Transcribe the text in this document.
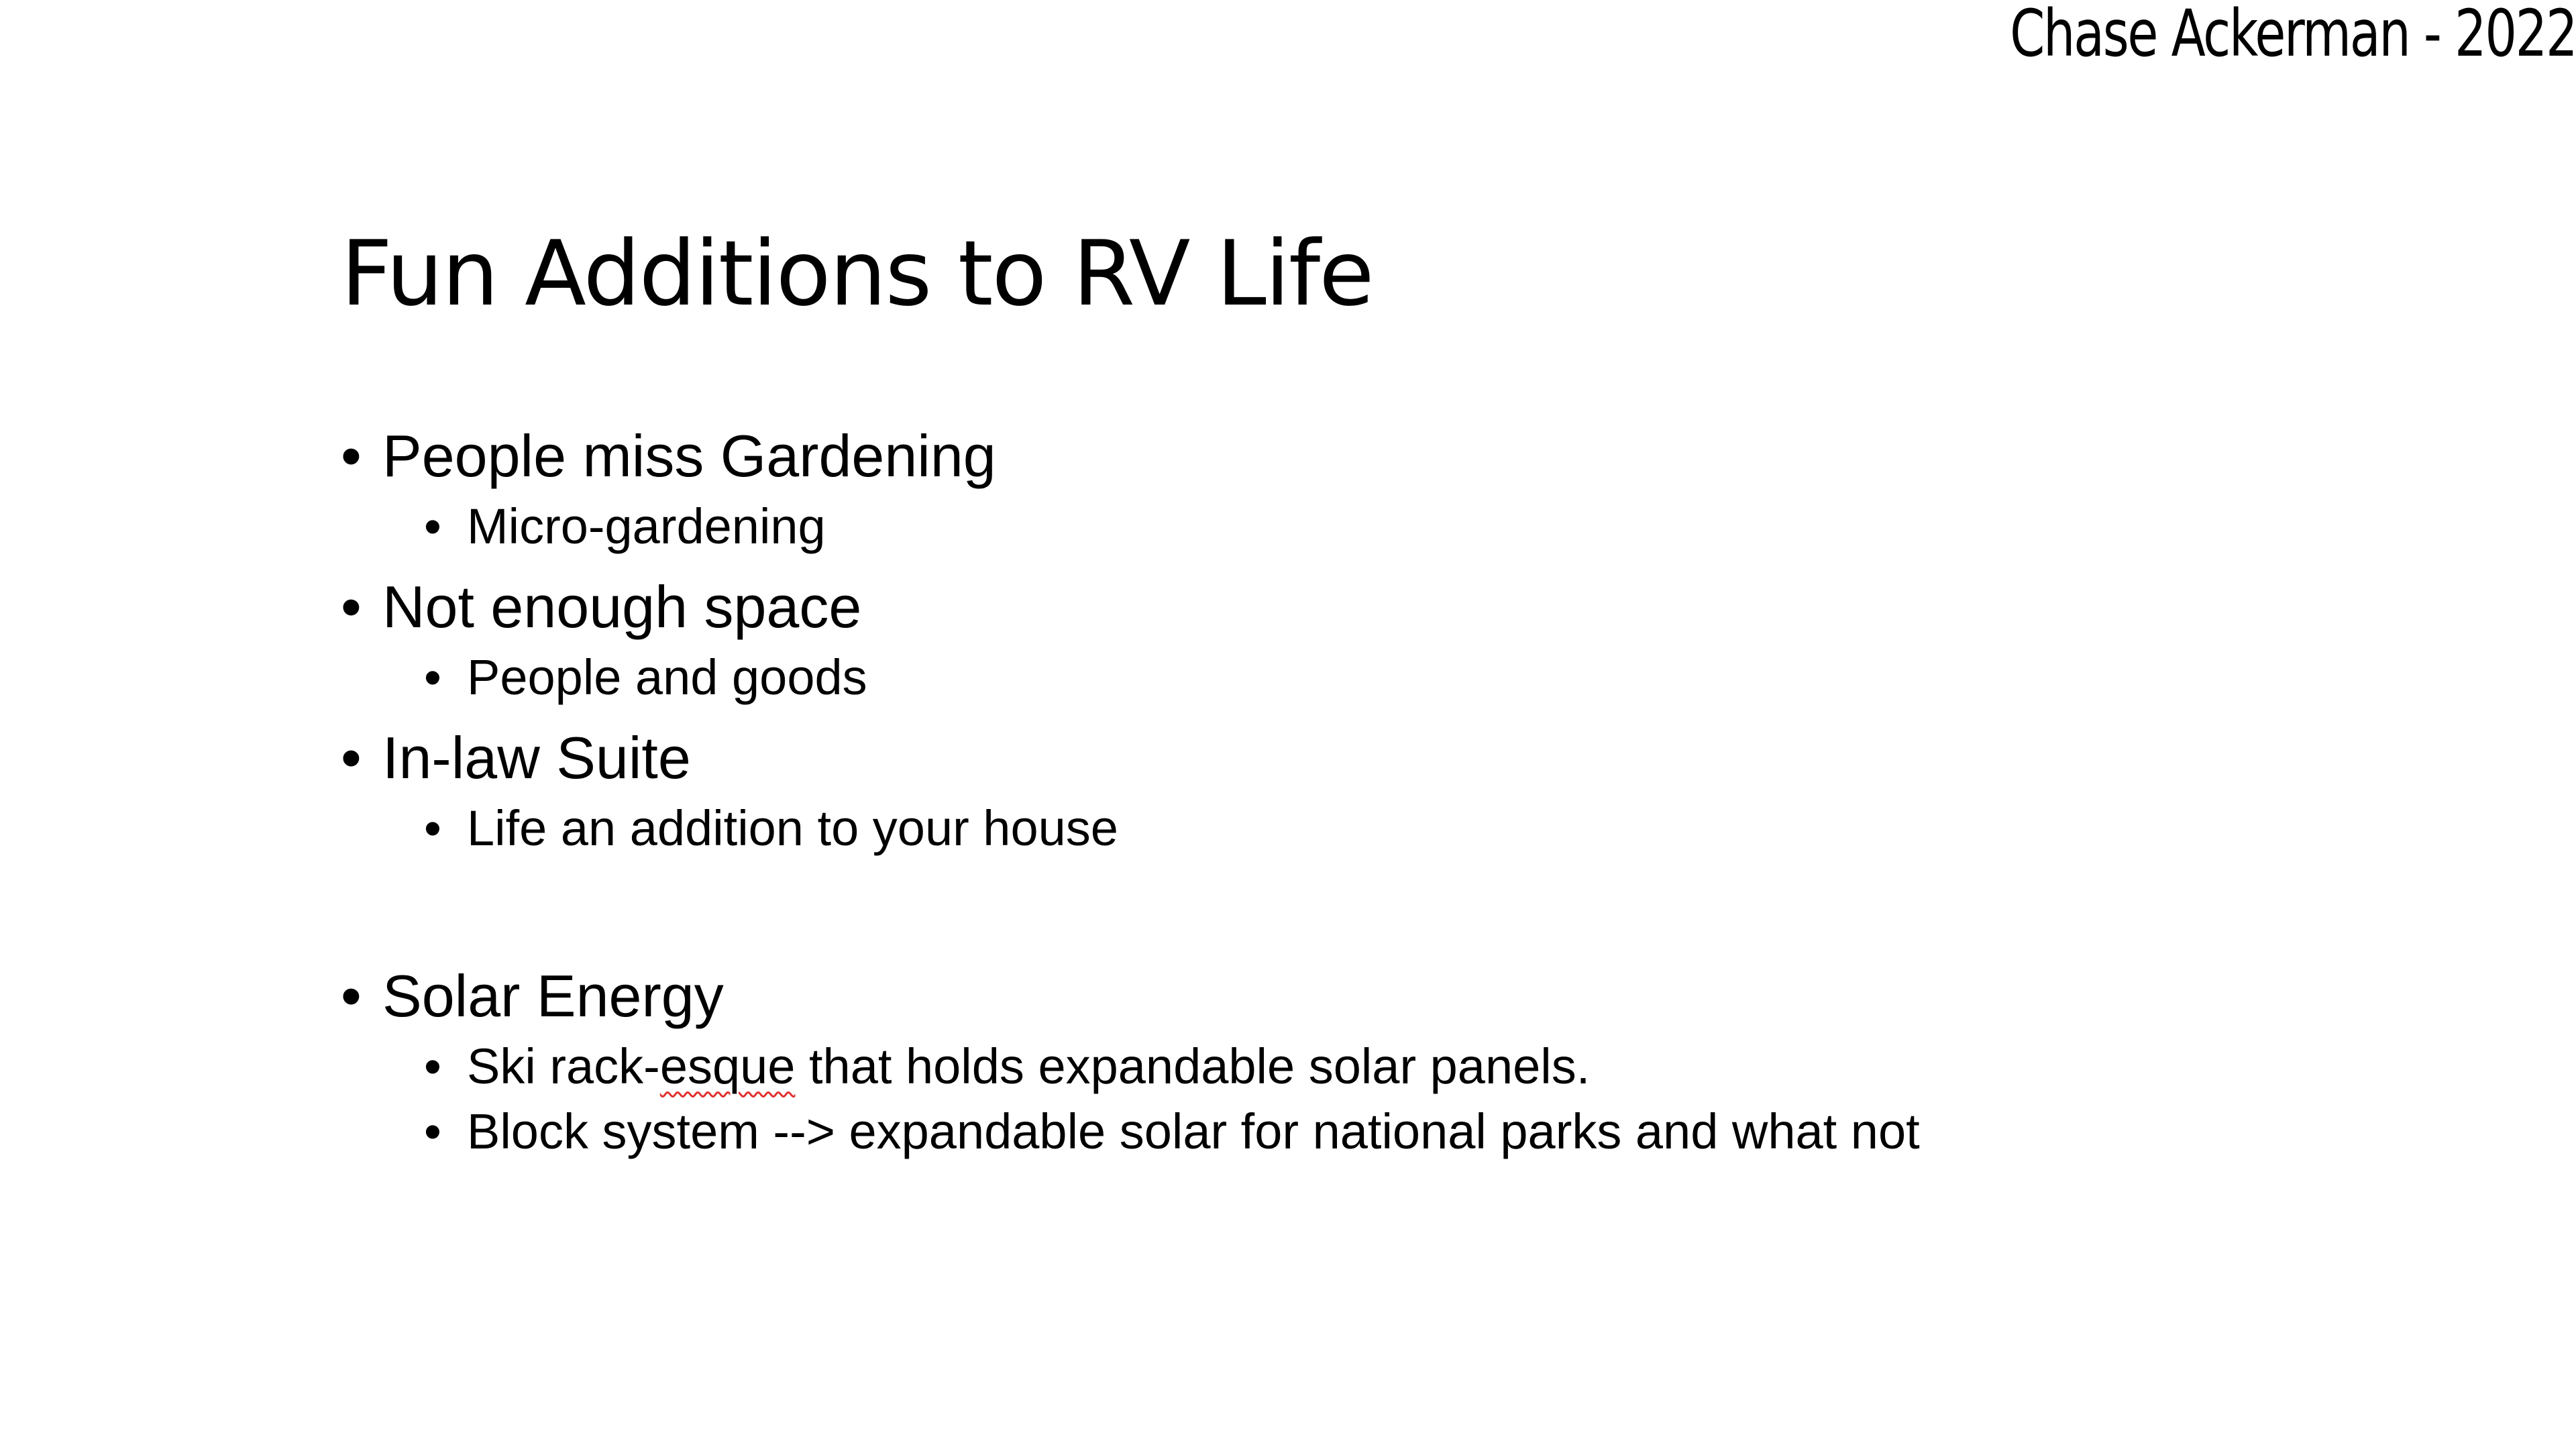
Chase Ackerman - 2022
Fun Additions to RV Life
• People miss Gardening
• Micro-gardening
• Not enough space
• People and goods
• In-law Suite
• Life an addition to your house
• Solar Energy
• Ski rack-esque that holds expandable solar panels.
• Block system --> expandable solar for national parks and what not
